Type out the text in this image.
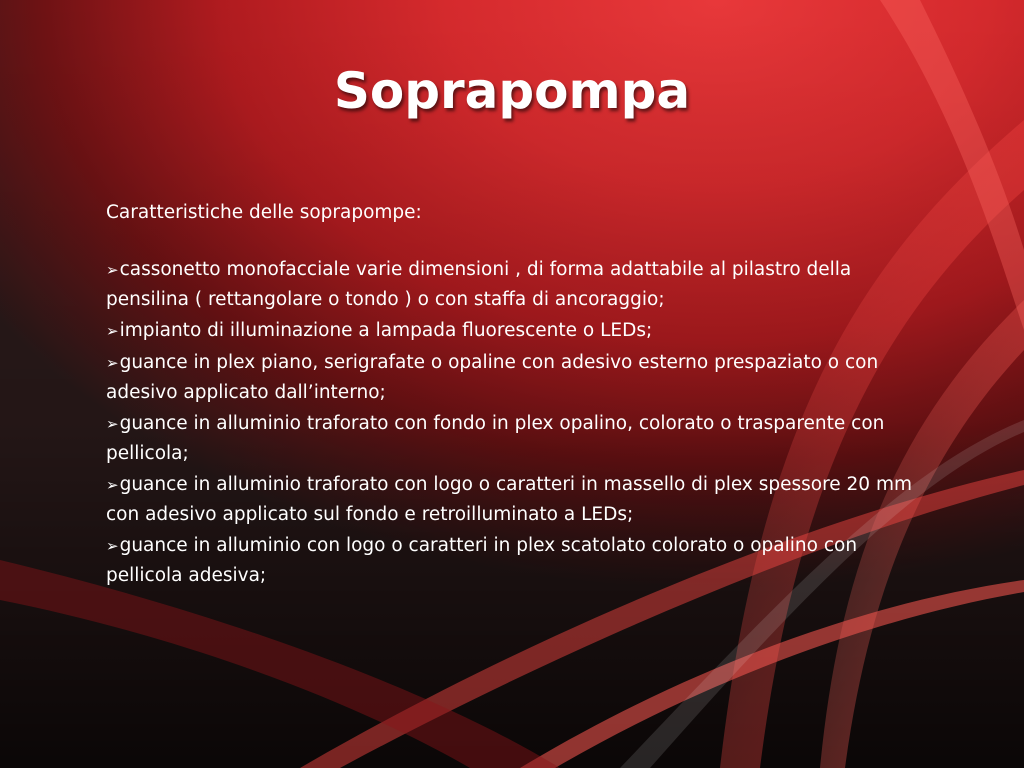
Soprapompa

Caratteristiche delle soprapompe:

➢cassonetto monofacciale varie dimensioni , di forma adattabile al pilastro della pensilina ( rettangolare o tondo ) o con staffa di ancoraggio;
➢impianto di illuminazione a lampada fluorescente o LEDs;
➢guance in plex piano, serigrafate o opaline con adesivo esterno prespaziato o con adesivo applicato dall’interno;
➢guance in alluminio traforato con fondo in plex opalino, colorato o trasparente con pellicola;
➢guance in alluminio traforato con logo o caratteri in massello di plex spessore 20 mm con adesivo applicato sul fondo e retroilluminato a LEDs;
➢guance in alluminio con logo o caratteri in plex scatolato colorato o opalino con pellicola adesiva;
